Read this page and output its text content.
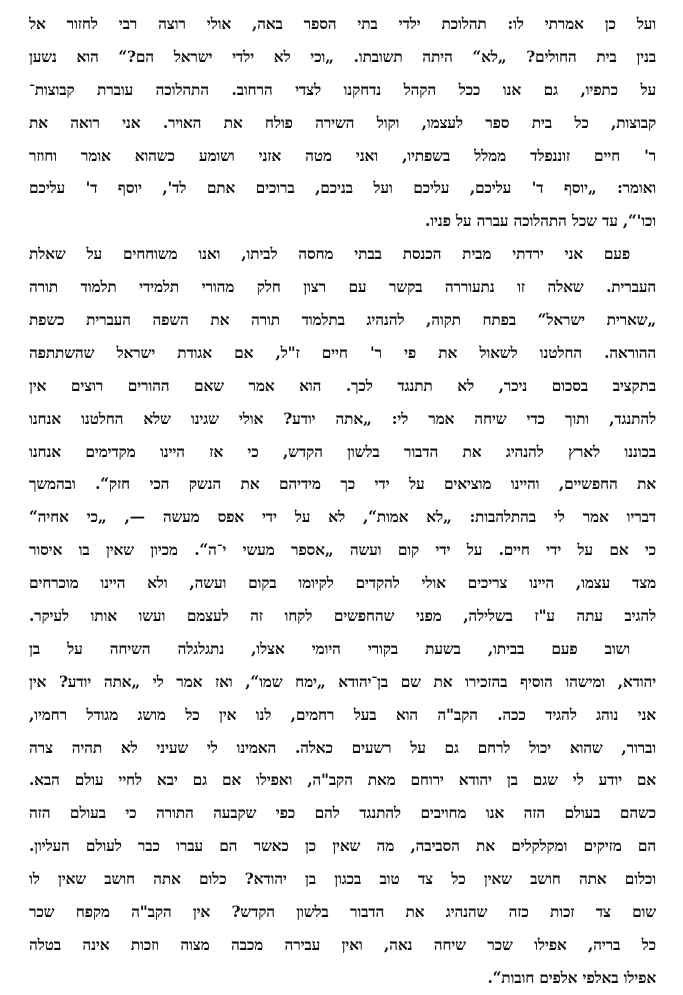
ועל כן אמרתי לו: תהלוכת ילדי בתי הספר באה, אולי רוצה רבי לחזור אל
בנין בית החולים? „לא“ היתה תשובתו. „וכי לא ילדי ישראל הם?“ הוא נשען
על כתפיו, גם אנו ככל הקהל נדחקנו לצדי הרחוב. התהלוכה עוברת קבוצות־
קבוצות, כל בית ספר לעצמו, וקול השירה פולח את האויר. אני רואה את
ר' חיים זוננפלד ממלל בשפתיו, ואני מטה אזני ושומע כשהוא אומר וחוזר
ואומר: „יוסף ד' עליכם, עליכם ועל בניכם, ברוכים אתם לד', יוסף ד' עליכם
וכו'“, עד שכל התהלוכה עברה על פניו.
פעם אני ירדתי מבית הכנסת בבתי מחסה לביתו, ואנו משוחחים על שאלת
העברית. שאלה זו נתעוררה בקשר עם רצון חלק מהורי תלמידי תלמוד תורה
„שארית ישראל“ בפתח תקוה, להנהיג בתלמוד תורה את השפה העברית כשפת
ההוראה. החלטנו לשאול את פי ר' חיים ז"ל, אם אגודת ישראל שהשתתפה
בתקציב בסכום ניכר, לא תתנגד לכך. הוא אמר שאם ההורים רוצים אין
להתנגד, ותוך כדי שיחה אמר לי: „אתה יודע? אולי שגינו שלא החלטנו אנחנו
בכוננו לארץ להנהיג את הדבור בלשון הקדש, כי אז היינו מקדימים אנחנו
את החפשיים, והיינו מוציאים על ידי כך מידיהם את הנשק הכי חזק“. ובהמשך
דבריו אמר לי בהתלהבות: „לא אמות“, לא על ידי אפס מעשה —, „כי אחיה“
כי אם על ידי חיים. על ידי קום ועשה „אספר מעשי י־ה“. מכיון שאין בו איסור
מצד עצמו, היינו צריכים אולי להקדים לקיומו בקום ועשה, ולא היינו מוכרחים
להגיב עתה ע"ז בשלילה, מפני שהחפשים לקחו זה לעצמם ועשו אותו לעיקר.
ושוב פעם בביתו, בשעת בקורי היומי אצלו, נתגלגלה השיחה על בן
יהודא, ומישהו הוסיף בהזכירו את שם בן־יהודא „ימח שמו“, ואז אמר לי „אתה יודע? אין
אני נוהג להגיד ככה. הקב"ה הוא בעל רחמים, לנו אין כל מושג מגודל רחמיו,
וברור, שהוא יכול לרחם גם על רשעים כאלה. האמינו לי שעיני לא תהיה צרה
אם יודע לי שגם בן יהודא ירוחם מאת הקב"ה, ואפילו אם גם יבא לחיי עולם הבא.
כשהם בעולם הזה אנו מחויבים להתנגד להם כפי שקבעה התורה כי בעולם הזה
הם מזיקים ומקלקלים את הסביבה, מה שאין כן כאשר הם עברו כבר לעולם העליון.
וכלום אתה חושב שאין כל צד טוב בכגון בן יהודא? כלום אתה חושב שאין לו
שום צד זכות כזה שהנהיג את הדבור בלשון הקדש? אין הקב"ה מקפח שכר
כל בריה, אפילו שכר שיחה נאה, ואין עבירה מכבה מצוה וזכות אינה בטלה
אפילו באלפי אלפים חובות“.
